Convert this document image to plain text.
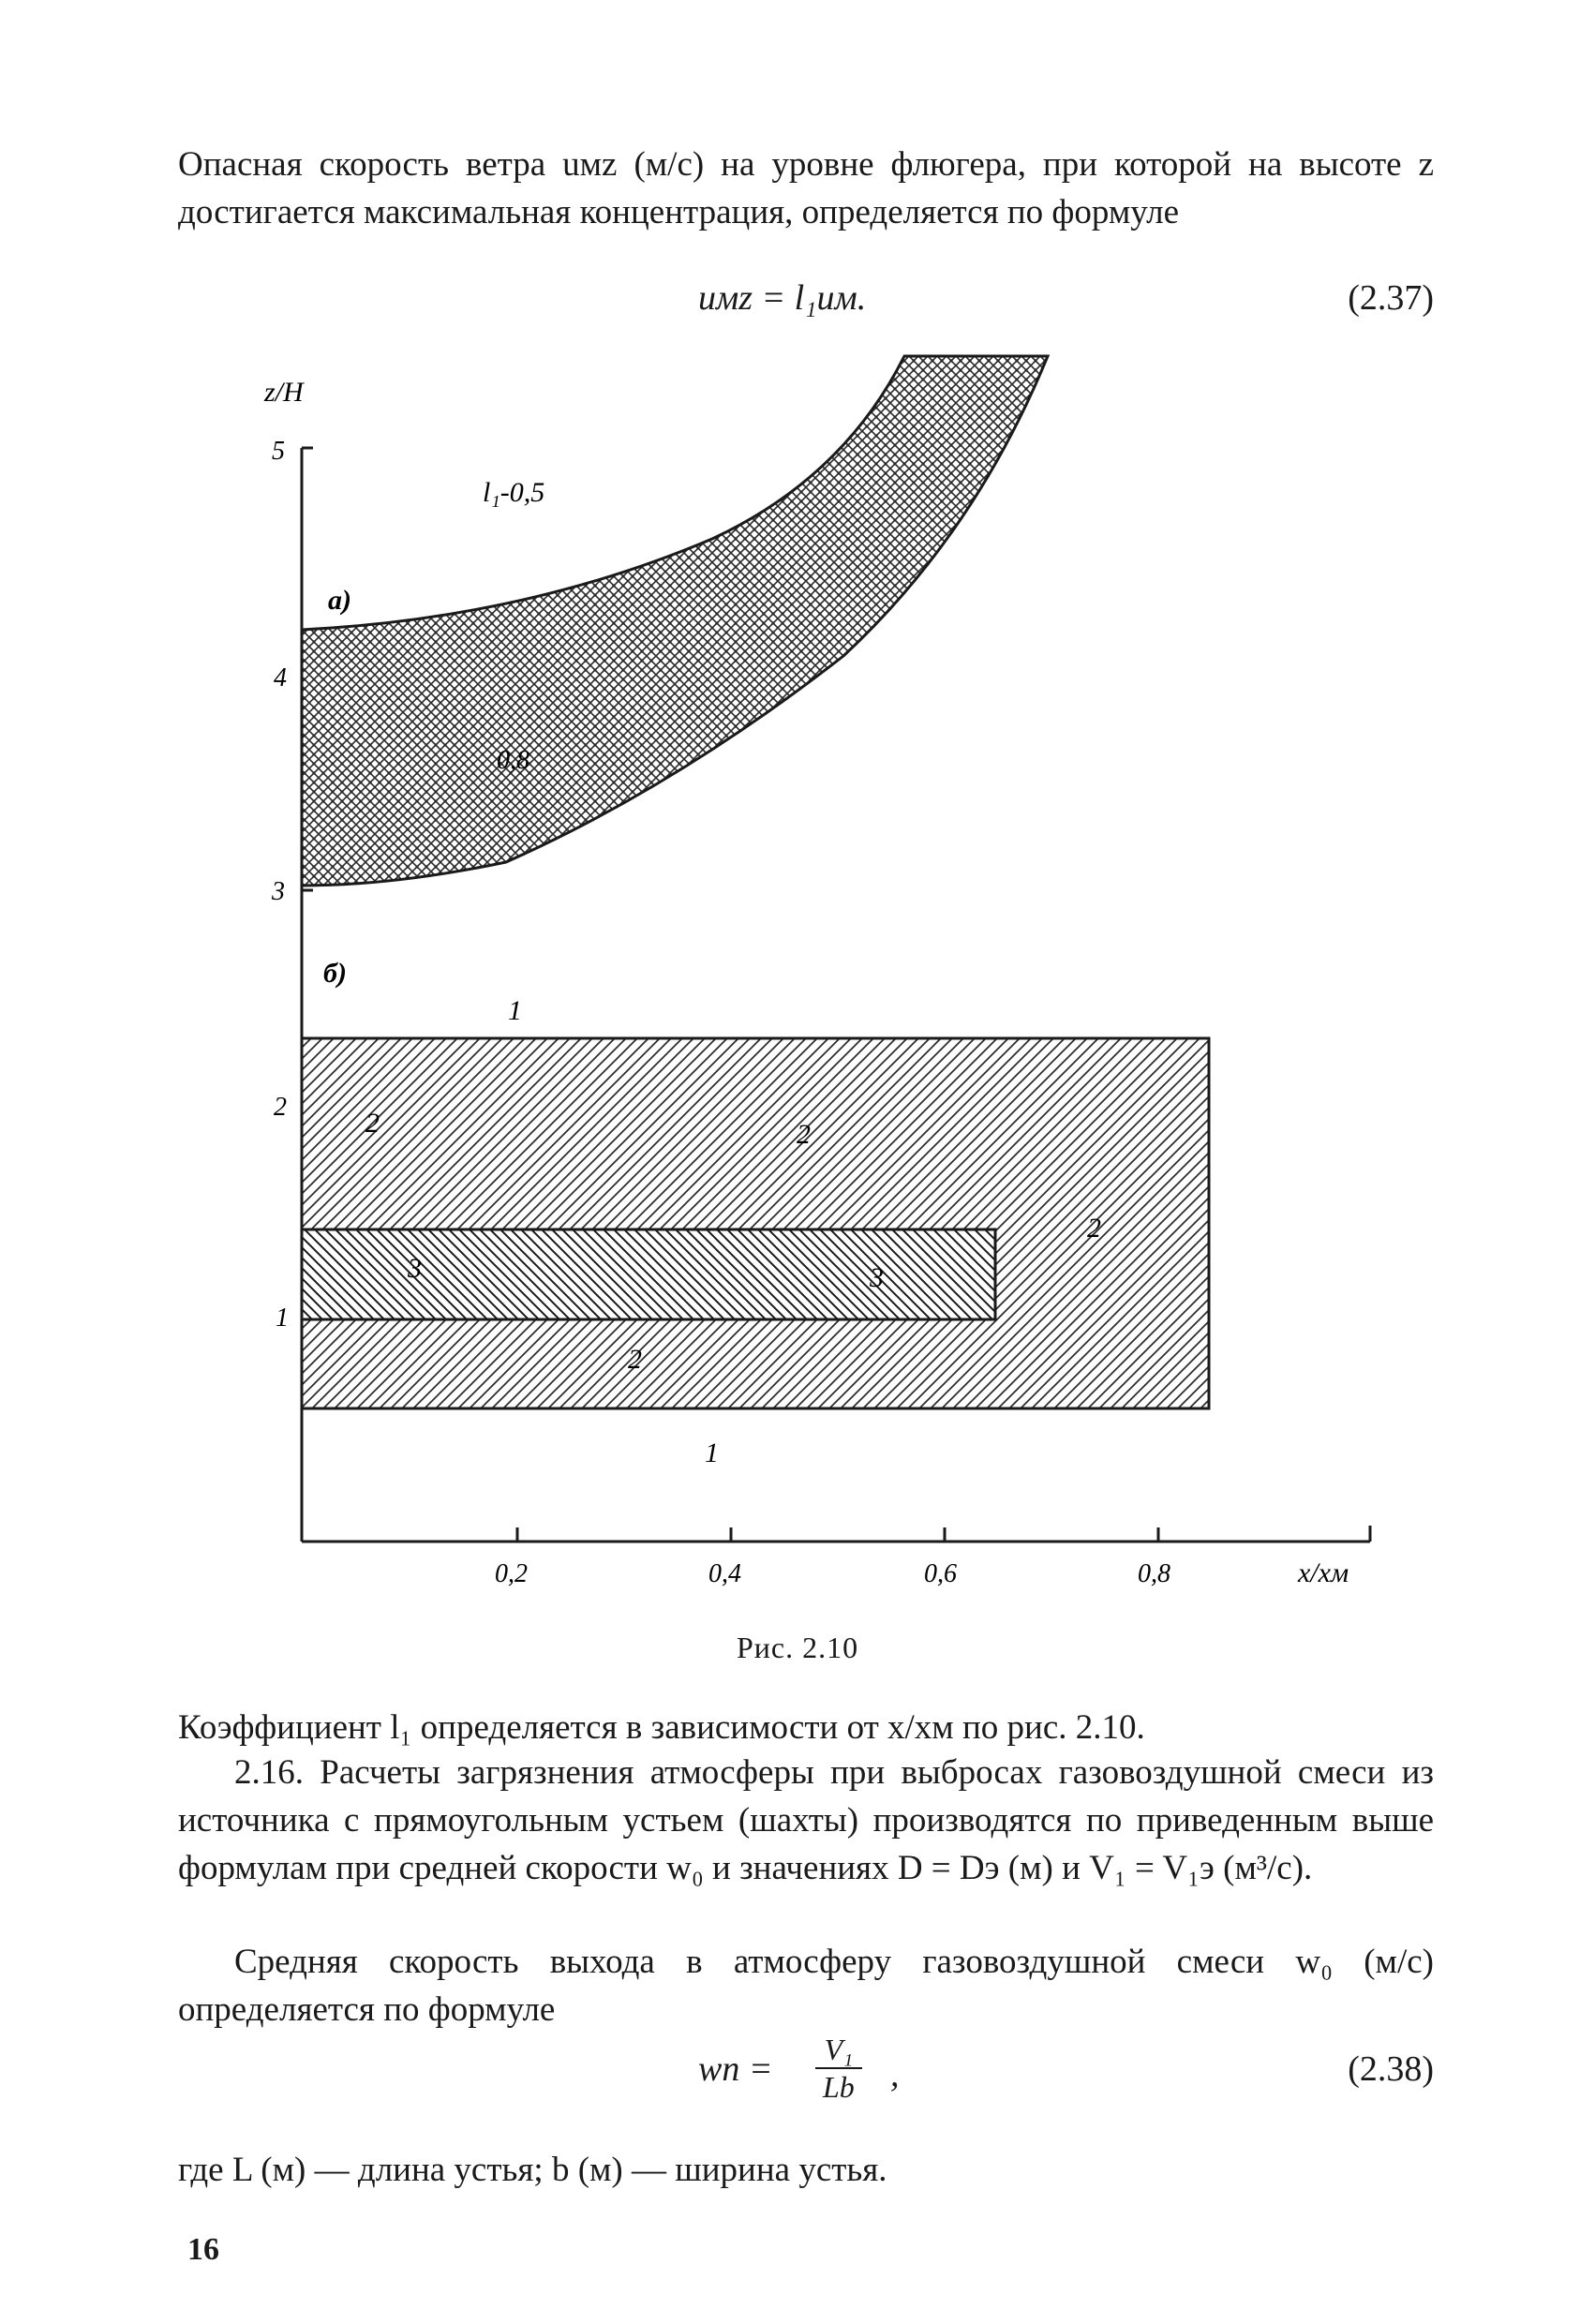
Опасная скорость ветра uмz (м/с) на уровне флюгера, при которой на высоте z достигается максимальная концентрация, определяется по формуле
uмz = l₁uм.	(2.37)
z/H
5
4
3
l₁-0,5
а)
0,8
2
1
0,2	0,4	0,6	0,8	x/xм
б)
1
1
2	2
2
2
3	3
Рис. 2.10
Коэффициент l₁ определяется в зависимости от x/xм по рис. 2.10.
2.16. Расчеты загрязнения атмосферы при выбросах газовоздушной смеси из источника с прямоугольным устьем (шахты) производятся по приведенным выше формулам при средней скорости w₀ и значениях D = Dэ (м) и V₁ = V₁э (м³/с).
Средняя скорость выхода в атмосферу газовоздушной смеси w₀ (м/с) определяется по формуле
wп = $\frac{\text{V₁}}{Lb}$ ,	(2.38)
где L (м) — длина устья; b (м) — ширина устья.
16
